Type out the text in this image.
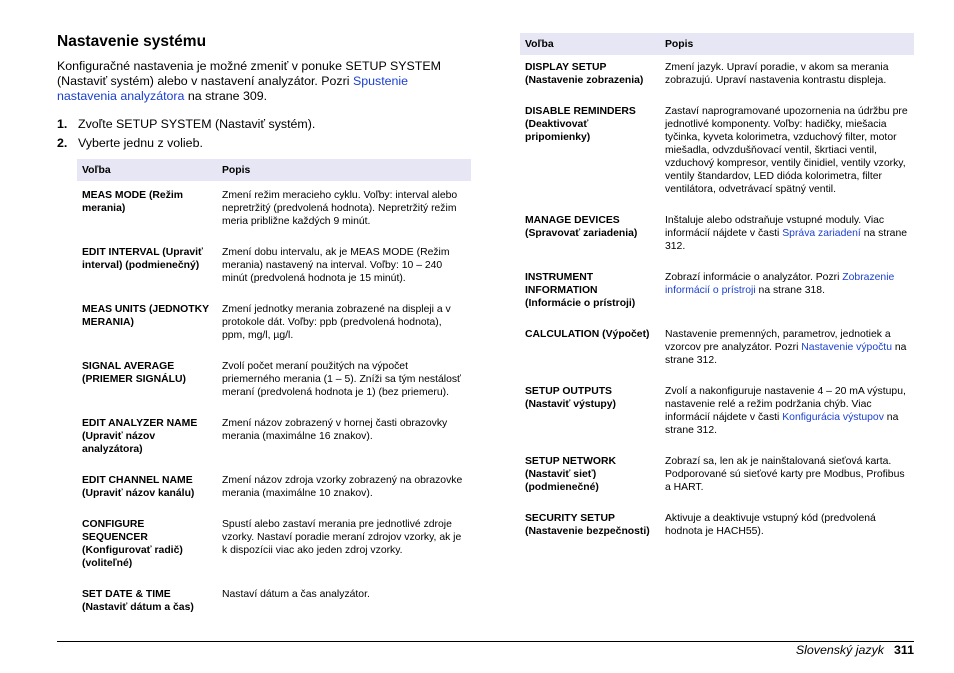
Nastavenie systému

Konfiguračné nastavenia je možné zmeniť v ponuke SETUP SYSTEM (Nastaviť systém) alebo v nastavení analyzátor. Pozri Spustenie nastavenia analyzátora na strane 309.

1. Zvoľte SETUP SYSTEM (Nastaviť systém).
2. Vyberte jednu z volieb.
Voľba	Popis
MEAS MODE (Režim merania)	Zmení režim meracieho cyklu. Voľby: interval alebo nepretržitý (predvolená hodnota). Nepretržitý režim meria približne každých 9 minút.
EDIT INTERVAL (Upraviť interval) (podmienečný)	Zmení dobu intervalu, ak je MEAS MODE (Režim merania) nastavený na interval. Voľby: 10 – 240 minút (predvolená hodnota je 15 minút).
MEAS UNITS (JEDNOTKY MERANIA)	Zmení jednotky merania zobrazené na displeji a v protokole dát. Voľby: ppb (predvolená hodnota), ppm, mg/l, µg/l.
SIGNAL AVERAGE (PRIEMER SIGNÁLU)	Zvolí počet meraní použitých na výpočet priemerného merania (1 – 5). Zníži sa tým nestálosť meraní (predvolená hodnota je 1) (bez priemeru).
EDIT ANALYZER NAME (Upraviť názov analyzátora)	Zmení názov zobrazený v hornej časti obrazovky merania (maximálne 16 znakov).
EDIT CHANNEL NAME (Upraviť názov kanálu)	Zmení názov zdroja vzorky zobrazený na obrazovke merania (maximálne 10 znakov).
CONFIGURE SEQUENCER (Konfigurovať radič) (voliteľné)	Spustí alebo zastaví merania pre jednotlivé zdroje vzorky. Nastaví poradie meraní zdrojov vzorky, ak je k dispozícii viac ako jeden zdroj vzorky.
SET DATE & TIME (Nastaviť dátum a čas)	Nastaví dátum a čas analyzátor.
Voľba	Popis
DISPLAY SETUP (Nastavenie zobrazenia)	Zmení jazyk. Upraví poradie, v akom sa merania zobrazujú. Upraví nastavenia kontrastu displeja.
DISABLE REMINDERS (Deaktivovať pripomienky)	Zastaví naprogramované upozornenia na údržbu pre jednotlivé komponenty. Voľby: hadičky, miešacia tyčinka, kyveta kolorimetra, vzduchový filter, motor miešadla, odvzdušňovací ventil, škrtiaci ventil, vzduchový kompresor, ventily činidiel, ventily vzorky, ventily štandardov, LED dióda kolorimetra, filter ventilátora, odvetrávací spätný ventil.
MANAGE DEVICES (Spravovať zariadenia)	Inštaluje alebo odstraňuje vstupné moduly. Viac informácií nájdete v časti Správa zariadení na strane 312.
INSTRUMENT INFORMATION (Informácie o prístroji)	Zobrazí informácie o analyzátor. Pozri Zobrazenie informácií o prístroji na strane 318.
CALCULATION (Výpočet)	Nastavenie premenných, parametrov, jednotiek a vzorcov pre analyzátor. Pozri Nastavenie výpočtu na strane 312.
SETUP OUTPUTS (Nastaviť výstupy)	Zvolí a nakonfiguruje nastavenie 4 – 20 mA výstupu, nastavenie relé a režim podržania chýb. Viac informácií nájdete v časti Konfigurácia výstupov na strane 312.
SETUP NETWORK (Nastaviť sieť) (podmienečné)	Zobrazí sa, len ak je nainštalovaná sieťová karta. Podporované sú sieťové karty pre Modbus, Profibus a HART.
SECURITY SETUP (Nastavenie bezpečnosti)	Aktivuje a deaktivuje vstupný kód (predvolená hodnota je HACH55).
Slovenský jazyk 311
